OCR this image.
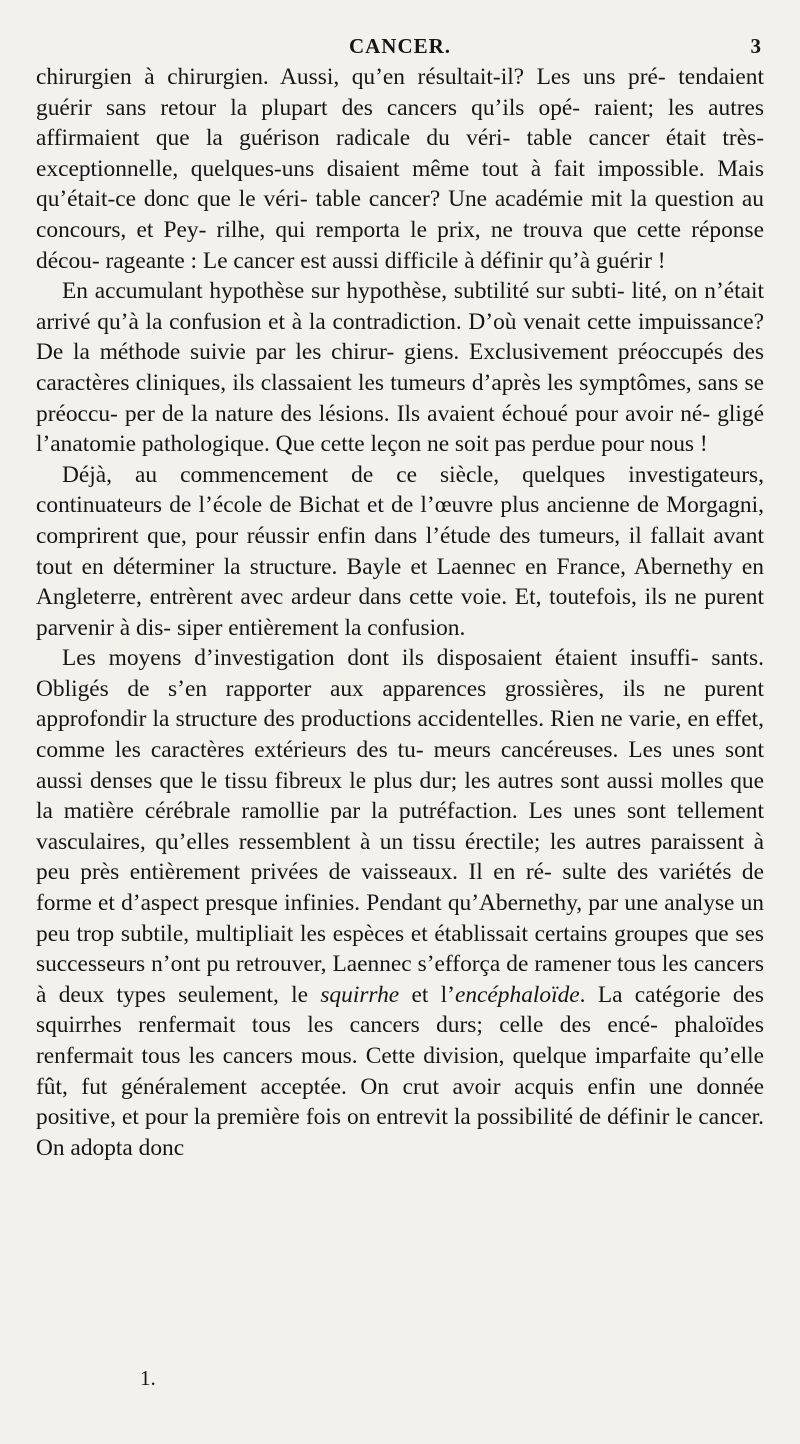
CANCER.	3

chirurgien à chirurgien. Aussi, qu’en résultait-il? Les uns pré- tendaient guérir sans retour la plupart des cancers qu’ils opé- raient; les autres affirmaient que la guérison radicale du véri- table cancer était très-exceptionnelle, quelques-uns disaient même tout à fait impossible. Mais qu’était-ce donc que le véri- table cancer? Une académie mit la question au concours, et Pey- rilhe, qui remporta le prix, ne trouva que cette réponse décou- rageante : Le cancer est aussi difficile à définir qu’à guérir !

En accumulant hypothèse sur hypothèse, subtilité sur subti- lité, on n’était arrivé qu’à la confusion et à la contradiction. D’où venait cette impuissance? De la méthode suivie par les chirur- giens. Exclusivement préoccupés des caractères cliniques, ils classaient les tumeurs d’après les symptômes, sans se préoccu- per de la nature des lésions. Ils avaient échoué pour avoir né- gligé l’anatomie pathologique. Que cette leçon ne soit pas perdue pour nous !

Déjà, au commencement de ce siècle, quelques investigateurs, continuateurs de l’école de Bichat et de l’œuvre plus ancienne de Morgagni, comprirent que, pour réussir enfin dans l’étude des tumeurs, il fallait avant tout en déterminer la structure. Bayle et Laennec en France, Abernethy en Angleterre, entrèrent avec ardeur dans cette voie. Et, toutefois, ils ne purent parvenir à dis- siper entièrement la confusion.

Les moyens d’investigation dont ils disposaient étaient insuffi- sants. Obligés de s’en rapporter aux apparences grossières, ils ne purent approfondir la structure des productions accidentelles. Rien ne varie, en effet, comme les caractères extérieurs des tu- meurs cancéreuses. Les unes sont aussi denses que le tissu fibreux le plus dur; les autres sont aussi molles que la matière cérébrale ramollie par la putréfaction. Les unes sont tellement vasculaires, qu’elles ressemblent à un tissu érectile; les autres paraissent à peu près entièrement privées de vaisseaux. Il en ré- sulte des variétés de forme et d’aspect presque infinies. Pendant qu’Abernethy, par une analyse un peu trop subtile, multipliait les espèces et établissait certains groupes que ses successeurs n’ont pu retrouver, Laennec s’efforça de ramener tous les cancers à deux types seulement, le squirrhe et l’encéphaloïde. La catégorie des squirrhes renfermait tous les cancers durs; celle des encé- phaloïdes renfermait tous les cancers mous. Cette division, quelque imparfaite qu’elle fût, fut généralement acceptée. On crut avoir acquis enfin une donnée positive, et pour la première fois on entrevit la possibilité de définir le cancer. On adopta donc

1.
